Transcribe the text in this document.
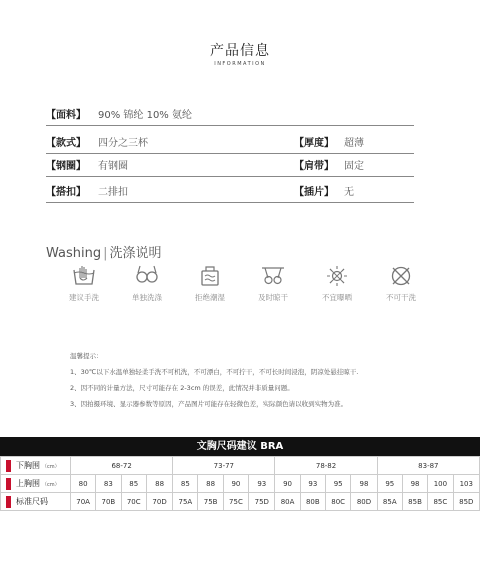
产品信息
INFORMATION
【面料】 90% 锦纶 10% 氨纶
【款式】 四分之三杯	【厚度】 超薄
【钢圈】 有钢圈	【肩带】 固定
【搭扣】 二排扣	【插片】 无
Washing | 洗涤说明
建议手洗	单独洗涤	拒绝潮湿	及时晾干	不宜曝晒	不可干洗
温馨提示：
1、30℃以下水温单独轻柔手洗不可机洗，不可漂白，不可拧干，不可长时间浸泡，阴凉处悬挂晾干.
2、因不同的计量方法，尺寸可能存在 2-3cm 的误差，此情况并非质量问题。
3、因拍摄环境、显示器参数等原因，产品图片可能存在轻微色差，实际颜色请以收到实物为准。
文胸尺码建议 BRA
下胸围 （cm）	68-72				73-77				78-82				83-87			

上胸围 （cm）	80	83	85	88	85	88	90	93	90	93	95	98	95	98	100	103

标准尺码	70A	70B	70C	70D	75A	75B	75C	75D	80A	80B	80C	80D	85A	85B	85C	85D
